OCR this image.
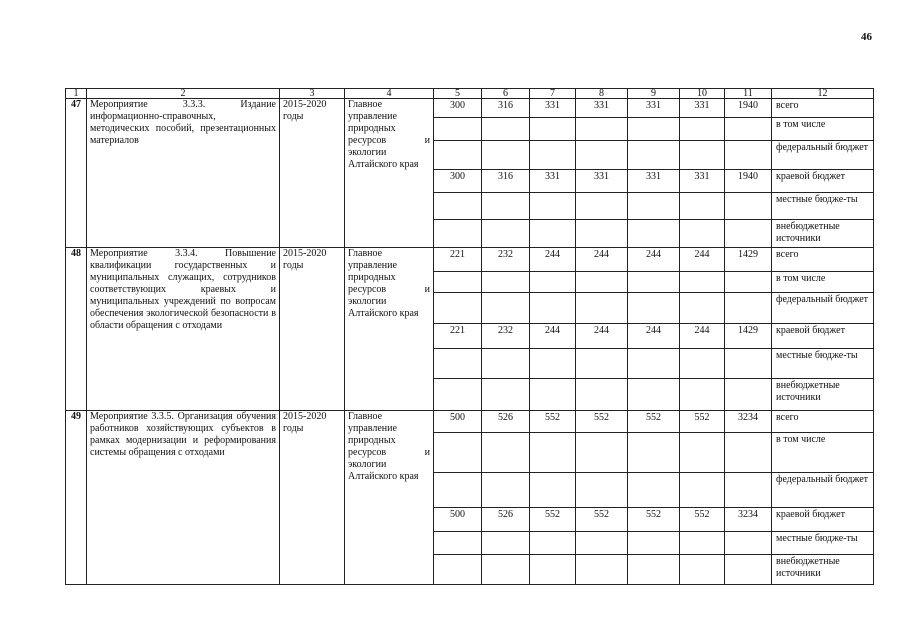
46
1	2	3	4	5	6	7	8	9	10	11	12
47	Мероприятие 3.3.3. Издание информационно-справочных, методических пособий, презентационных материалов	2015-2020 годы	Главное управление природных ресурсов и экологии Алтайского края	300	316	331	331	331	331	1940	всего
											в том числе
											федеральный бюджет
				300	316	331	331	331	331	1940	краевой бюджет
											местные бюдже-ты
											внебюджетные источники
48	Мероприятие 3.3.4. Повышение квалификации государственных и муниципальных служащих, сотрудников соответствующих краевых и муниципальных учреждений по вопросам обеспечения экологической безопасности в области обращения с отходами	2015-2020 годы	Главное управление природных ресурсов и экологии Алтайского края	221	232	244	244	244	244	1429	всего
											в том числе
											федеральный бюджет
				221	232	244	244	244	244	1429	краевой бюджет
											местные бюдже-ты
											внебюджетные источники
49	Мероприятие 3.3.5. Организация обучения работников хозяйствующих субъектов в рамках модернизации и реформирования системы обращения с отходами	2015-2020 годы	Главное управление природных ресурсов и экологии Алтайского края	500	526	552	552	552	552	3234	всего
											в том числе
											федеральный бюджет
				500	526	552	552	552	552	3234	краевой бюджет
											местные бюдже-ты
											внебюджетные источники
